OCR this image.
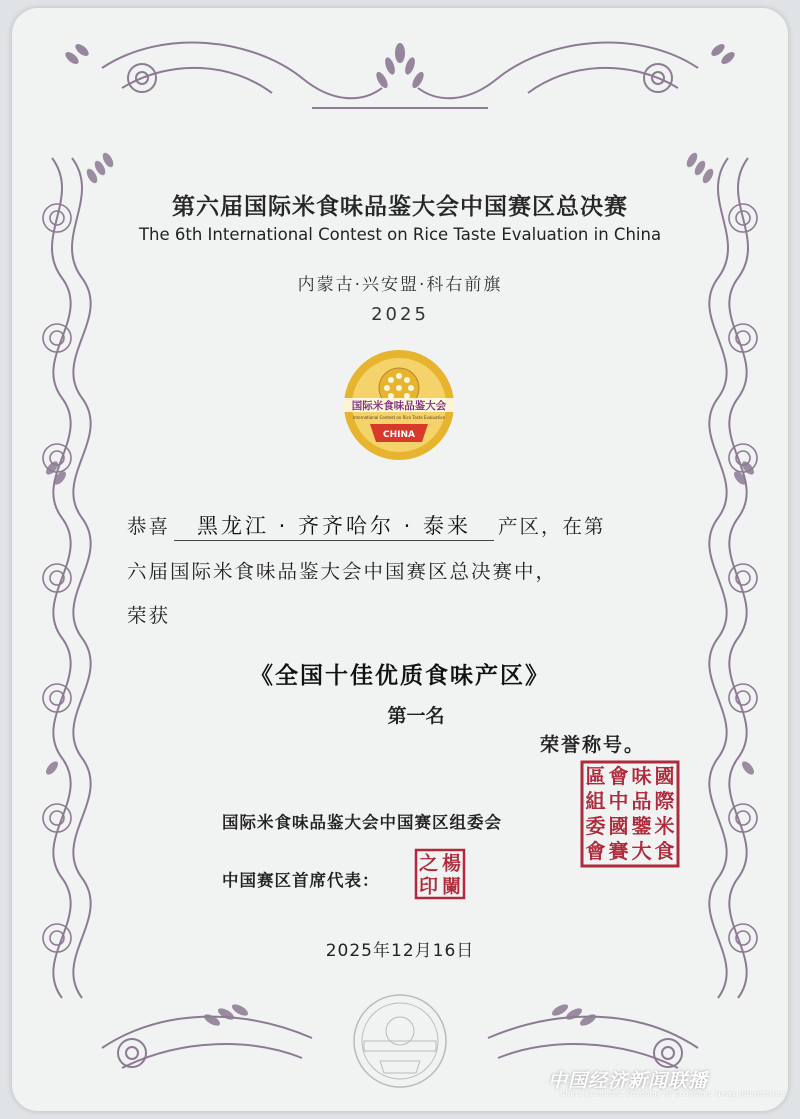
第六届国际米食味品鉴大会中国赛区总决赛
The 6th International Contest on Rice Taste Evaluation in China
内蒙古·兴安盟·科右前旗
2025
国际米食味品鉴大会
International Contest on Rice Taste Evaluation
CHINA
恭喜 黑龙江 · 齐齐哈尔 · 泰来 产区，在第
六届国际米食味品鉴大会中国赛区总决赛中，
荣获
《全国十佳优质食味产区》
第一名
荣誉称号。
国际米食味品鉴大会中国赛区组委会
中国赛区首席代表：
國
際
米
食
味
品
鑒
大
會
中
國
賽
區
組
委
會
楊
闌
之
印
2025年12月16日
中国经济新闻联播
China Economic Economy of Economic News Information
